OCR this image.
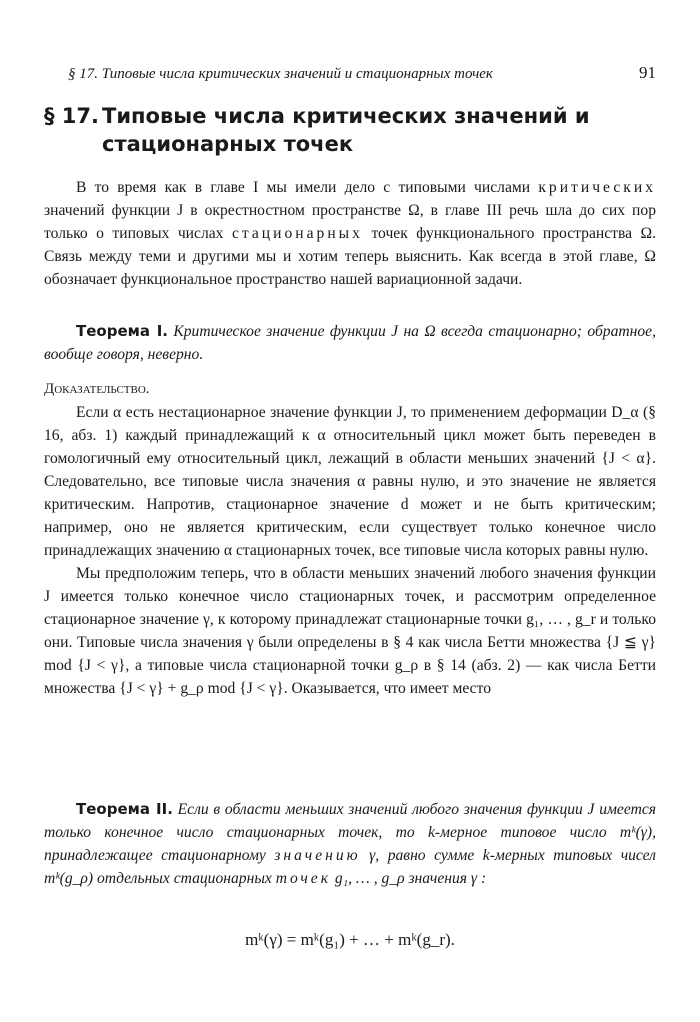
§ 17. Типовые числа критических значений и стационарных точек	91
§ 17. Типовые числа критических значений и
стационарных точек

В то время как в главе I мы имели дело с типовыми числами критических значений функции J в окрестностном пространстве Ω, в главе III речь шла до сих пор только о типовых числах стационарных точек функционального пространства Ω. Связь между теми и другими мы и хотим теперь выяснить. Как всегда в этой главе, Ω обозначает функциональное пространство нашей вариационной задачи.

Теорема I. Критическое значение функции J на Ω всегда стационарно; обратное, вообще говоря, неверно.

Доказательство.

Если α есть нестационарное значение функции J, то применением деформации D_α (§ 16, абз. 1) каждый принадлежащий к α относительный цикл может быть переведен в гомологичный ему относительный цикл, лежащий в области меньших значений {J < α}. Следовательно, все типовые числа значения α равны нулю, и это значение не является критическим. Напротив, стационарное значение d может и не быть критическим; например, оно не является критическим, если существует только конечное число принадлежащих значению α стационарных точек, все типовые числа которых равны нулю.

Мы предположим теперь, что в области меньших значений любого значения функции J имеется только конечное число стационарных точек, и рассмотрим определенное стационарное значение γ, к которому принадлежат стационарные точки g₁, … , g_r и только они. Типовые числа значения γ были определены в § 4 как числа Бетти множества {J ≦ γ} mod {J < γ}, а типовые числа стационарной точки g_ρ в § 14 (абз. 2) — как числа Бетти множества {J < γ} + g_ρ mod {J < γ}. Оказывается, что имеет место

Теорема II. Если в области меньших значений любого значения функции J имеется только конечное число стационарных точек, то k-мерное типовое число mᵏ(γ), принадлежащее стационарному значению γ, равно сумме k-мерных типовых чисел mᵏ(g_ρ) отдельных стационарных точек g₁, … , g_ρ значения γ :

mᵏ(γ) = mᵏ(g₁) + … + mᵏ(g_r).
